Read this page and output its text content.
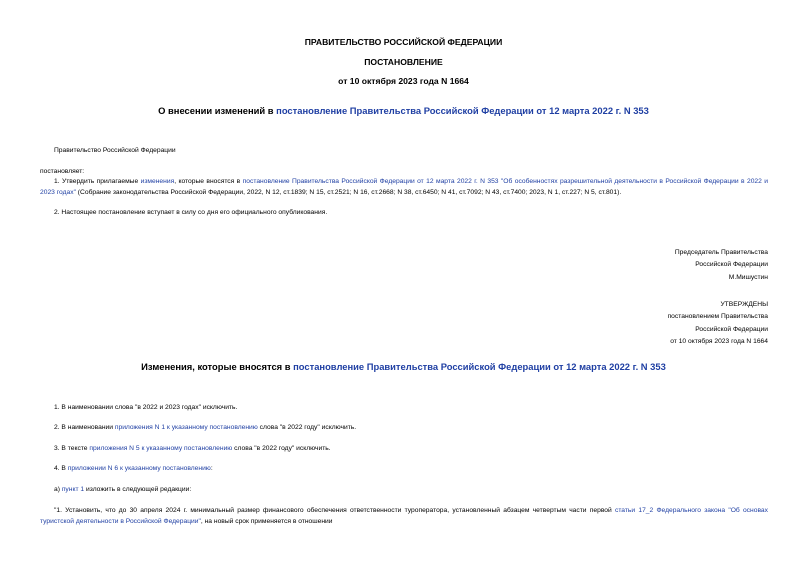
ПРАВИТЕЛЬСТВО РОССИЙСКОЙ ФЕДЕРАЦИИ
ПОСТАНОВЛЕНИЕ
от 10 октября 2023 года N 1664
О внесении изменений в постановление Правительства Российской Федерации от 12 марта 2022 г. N 353
Правительство Российской Федерации
постановляет:
1. Утвердить прилагаемые изменения, которые вносятся в постановление Правительства Российской Федерации от 12 марта 2022 г. N 353 "Об особенностях разрешительной деятельности в Российской Федерации в 2022 и 2023 годах" (Собрание законодательства Российской Федерации, 2022, N 12, ст.1839; N 15, ст.2521; N 16, ст.2668; N 38, ст.6450; N 41, ст.7092; N 43, ст.7400; 2023, N 1, ст.227; N 5, ст.801).
2. Настоящее постановление вступает в силу со дня его официального опубликования.
Председатель Правительства
Российской Федерации
М.Мишустин
УТВЕРЖДЕНЫ
постановлением Правительства
Российской Федерации
от 10 октября 2023 года N 1664
Изменения, которые вносятся в постановление Правительства Российской Федерации от 12 марта 2022 г. N 353
1. В наименовании слова "в 2022 и 2023 годах" исключить.
2. В наименовании приложения N 1 к указанному постановлению слова "в 2022 году" исключить.
3. В тексте приложения N 5 к указанному постановлению слова "в 2022 году" исключить.
4. В приложении N 6 к указанному постановлению:
а) пункт 1 изложить в следующей редакции:
"1. Установить, что до 30 апреля 2024 г. минимальный размер финансового обеспечения ответственности туроператора, установленный абзацем четвертым части первой статьи 17_2 Федерального закона "Об основах туристской деятельности в Российской Федерации", на новый срок применяется в отношении
